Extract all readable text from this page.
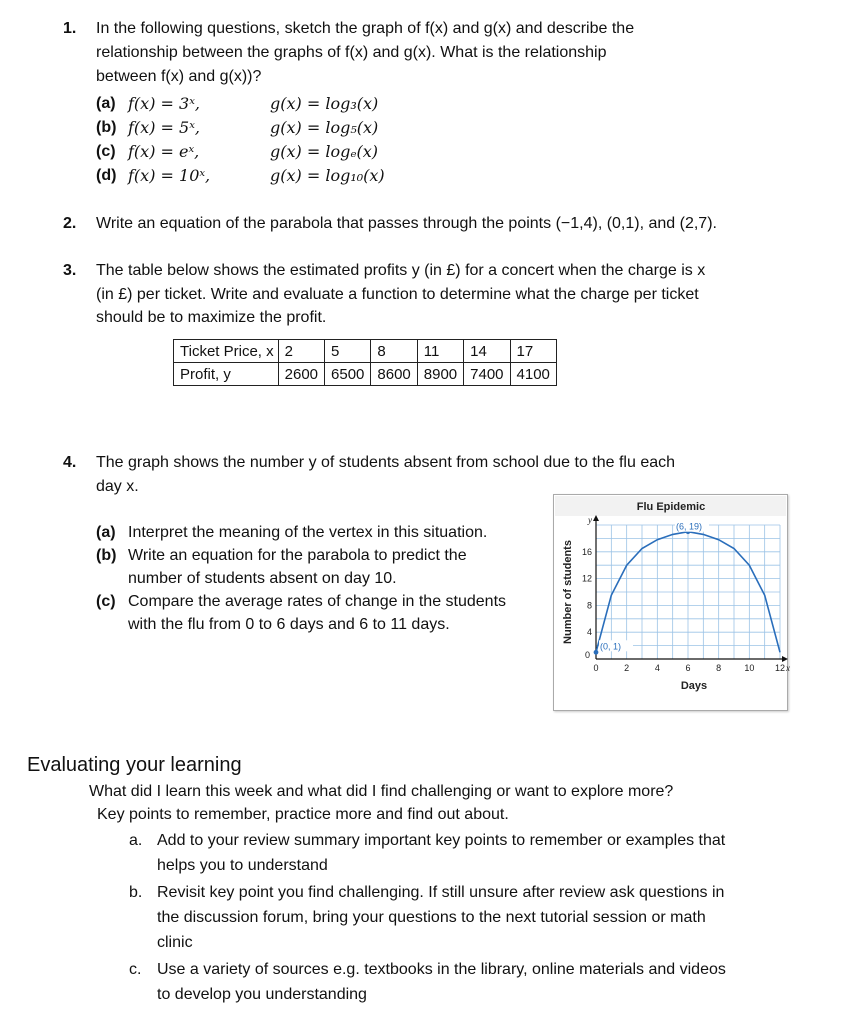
1. In the following questions, sketch the graph of f(x) and g(x) and describe the
relationship between the graphs of f(x) and g(x). What is the relationship
between f(x) and g(x))?
(a) f(x) = 3ˣ,	g(x) = log₃(x)
(b) f(x) = 5ˣ,	g(x) = log₅(x)
(c) f(x) = eˣ,	g(x) = logₑ(x)
(d) f(x) = 10ˣ,	g(x) = log₁₀(x)
2. Write an equation of the parabola that passes through the points (−1,4), (0,1), and (2,7).
3. The table below shows the estimated profits y (in £) for a concert when the charge is x
(in £) per ticket. Write and evaluate a function to determine what the charge per ticket
should be to maximize the profit.
Ticket Price, x	2	5	8	11	14	17
Profit, y	2600	6500	8600	8900	7400	4100
4. The graph shows the number y of students absent from school due to the flu each
day x.
(a) Interpret the meaning of the vertex in this situation.
(b) Write an equation for the parabola to predict the
number of students absent on day 10.
(c) Compare the average rates of change in the students
with the flu from 0 to 6 days and 6 to 11 days.
Flu Epidemic
0	2	4	6	8	10 12
4
8
12
16
0
y
x
Days
Number of students
(0, 1)
(6, 19)
Evaluating your learning
What did I learn this week and what did I find challenging or want to explore more?
Key points to remember, practice more and find out about.
a. Add to your review summary important key points to remember or examples that
helps you to understand
b. Revisit key point you find challenging. If still unsure after review ask questions in
the discussion forum, bring your questions to the next tutorial session or math
clinic
c. Use a variety of sources e.g. textbooks in the library, online materials and videos
to develop you understanding
